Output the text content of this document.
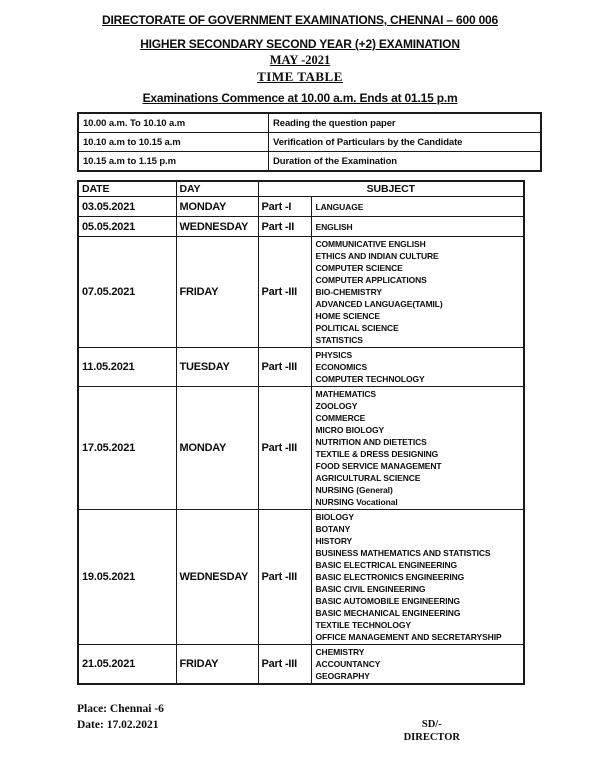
DIRECTORATE OF GOVERNMENT EXAMINATIONS, CHENNAI – 600 006
HIGHER SECONDARY SECOND YEAR (+2) EXAMINATION
MAY -2021
TIME TABLE
Examinations Commence at 10.00 a.m. Ends at 01.15 p.m
10.00 a.m. To 10.10 a.m	Reading the question paper
10.10 a.m to 10.15 a.m	Verification of Particulars by the Candidate
10.15 a.m to 1.15 p.m	Duration of the Examination
DATE	DAY	SUBJECT	
03.05.2021	MONDAY	Part -I	LANGUAGE

05.05.2021	WEDNESDAY	Part -II	ENGLISH

07.05.2021	FRIDAY	Part -III	
COMMUNICATIVE ENGLISH
ETHICS AND INDIAN CULTURE
COMPUTER SCIENCE
COMPUTER APPLICATIONS
BIO-CHEMISTRY
ADVANCED LANGUAGE(TAMIL)
HOME SCIENCE
POLITICAL SCIENCE
STATISTICS

11.05.2021	TUESDAY	Part -III	PHYSICS
ECONOMICS
COMPUTER TECHNOLOGY

17.05.2021	MONDAY	Part -III	
MATHEMATICS
ZOOLOGY
COMMERCE
MICRO BIOLOGY
NUTRITION AND DIETETICS
TEXTILE & DRESS DESIGNING
FOOD SERVICE MANAGEMENT
AGRICULTURAL SCIENCE
NURSING (General)
NURSING Vocational

19.05.2021	WEDNESDAY	Part -III	
BIOLOGY
BOTANY
HISTORY
BUSINESS MATHEMATICS AND STATISTICS
BASIC ELECTRICAL ENGINEERING
BASIC ELECTRONICS ENGINEERING
BASIC CIVIL ENGINEERING
BASIC AUTOMOBILE ENGINEERING
BASIC MECHANICAL ENGINEERING
TEXTILE TECHNOLOGY
OFFICE MANAGEMENT AND SECRETARYSHIP

21.05.2021	FRIDAY	Part -III	CHEMISTRY
ACCOUNTANCY
GEOGRAPHY
Place: Chennai -6
Date: 17.02.2021	SD/-
DIRECTOR
